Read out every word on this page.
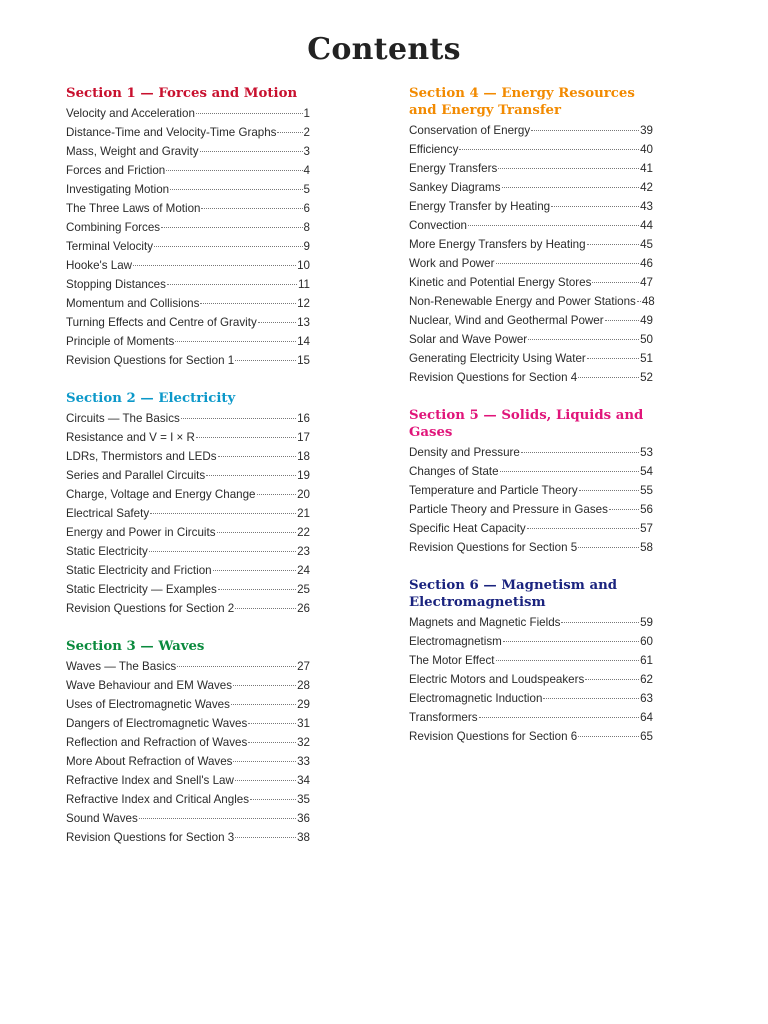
Contents
Section 1 — Forces and Motion
Velocity and Acceleration	1
Distance-Time and Velocity-Time Graphs 2
Mass, Weight and Gravity	3
Forces and Friction	4
Investigating Motion	5
The Three Laws of Motion	6
Combining Forces	8
Terminal Velocity	9
Hooke's Law	10
Stopping Distances	11
Momentum and Collisions	12
Turning Effects and Centre of Gravity	13
Principle of Moments	14
Revision Questions for Section 1	15
Section 2 — Electricity
Circuits — The Basics	16
Resistance and V = I × R	17
LDRs, Thermistors and LEDs	18
Series and Parallel Circuits	19
Charge, Voltage and Energy Change	20
Electrical Safety	21
Energy and Power in Circuits	22
Static Electricity	23
Static Electricity and Friction	24
Static Electricity — Examples	25
Revision Questions for Section 2	26
Section 3 — Waves
Waves — The Basics	27
Wave Behaviour and EM Waves	28
Uses of Electromagnetic Waves	29
Dangers of Electromagnetic Waves	31
Reflection and Refraction of Waves	32
More About Refraction of Waves	33
Refractive Index and Snell's Law	34
Refractive Index and Critical Angles	35
Sound Waves	36
Revision Questions for Section 3	38
Section 4 — Energy Resources and Energy Transfer
Conservation of Energy	39
Efficiency	40
Energy Transfers	41
Sankey Diagrams	42
Energy Transfer by Heating	43
Convection	44
More Energy Transfers by Heating	45
Work and Power	46
Kinetic and Potential Energy Stores	47
Non-Renewable Energy and Power Stations 48
Nuclear, Wind and Geothermal Power	49
Solar and Wave Power	50
Generating Electricity Using Water	51
Revision Questions for Section 4	52
Section 5 — Solids, Liquids and Gases
Density and Pressure	53
Changes of State	54
Temperature and Particle Theory	55
Particle Theory and Pressure in Gases	56
Specific Heat Capacity	57
Revision Questions for Section 5	58
Section 6 — Magnetism and Electromagnetism
Magnets and Magnetic Fields	59
Electromagnetism	60
The Motor Effect	61
Electric Motors and Loudspeakers	62
Electromagnetic Induction	63
Transformers	64
Revision Questions for Section 6	65
